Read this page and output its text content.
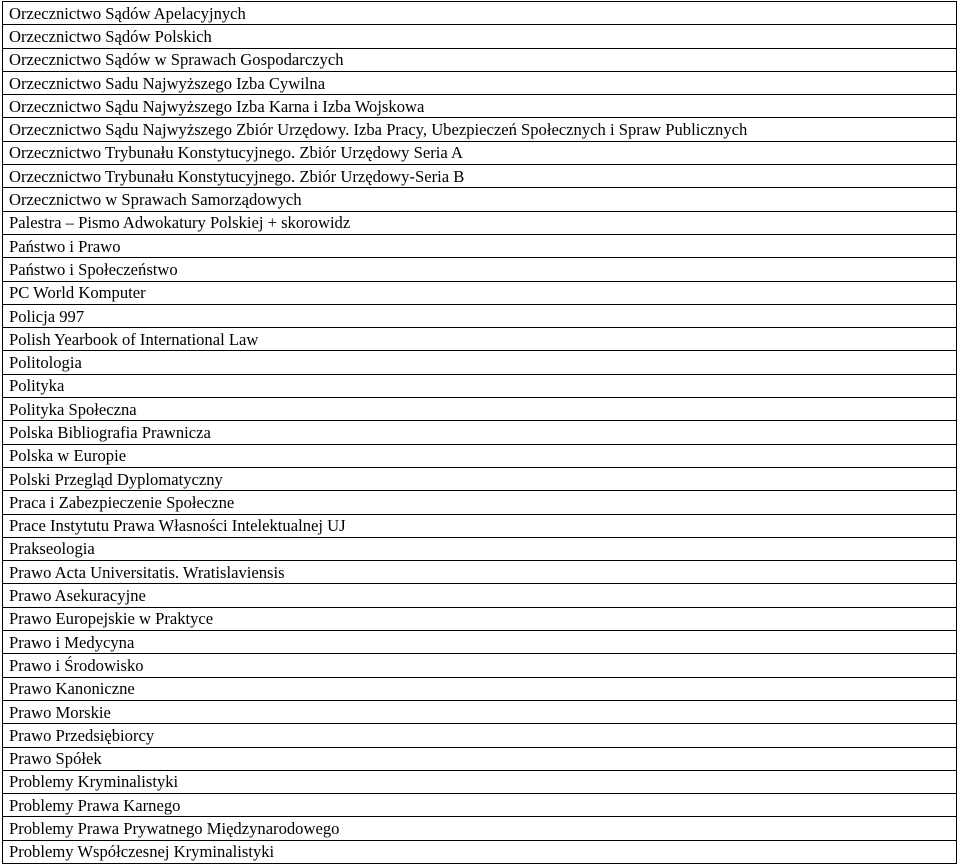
Orzecznictwo Sądów Apelacyjnych
Orzecznictwo Sądów Polskich
Orzecznictwo Sądów w Sprawach Gospodarczych
Orzecznictwo Sadu Najwyższego Izba Cywilna
Orzecznictwo Sądu Najwyższego Izba Karna i Izba Wojskowa
Orzecznictwo Sądu Najwyższego Zbiór Urzędowy. Izba Pracy, Ubezpieczeń Społecznych i Spraw Publicznych
Orzecznictwo Trybunału Konstytucyjnego. Zbiór Urzędowy Seria A
Orzecznictwo Trybunału Konstytucyjnego. Zbiór Urzędowy-Seria B
Orzecznictwo w Sprawach Samorządowych
Palestra – Pismo Adwokatury Polskiej + skorowidz
Państwo i Prawo
Państwo i Społeczeństwo
PC World Komputer
Policja 997
Polish Yearbook of International Law
Politologia
Polityka
Polityka Społeczna
Polska Bibliografia Prawnicza
Polska w Europie
Polski Przegląd Dyplomatyczny
Praca i Zabezpieczenie Społeczne
Prace Instytutu Prawa Własności Intelektualnej UJ
Prakseologia
Prawo Acta Universitatis. Wratislaviensis
Prawo Asekuracyjne
Prawo Europejskie w Praktyce
Prawo i Medycyna
Prawo i Środowisko
Prawo Kanoniczne
Prawo Morskie
Prawo Przedsiębiorcy
Prawo Spółek
Problemy Kryminalistyki
Problemy Prawa Karnego
Problemy Prawa Prywatnego Międzynarodowego
Problemy Współczesnej Kryminalistyki
